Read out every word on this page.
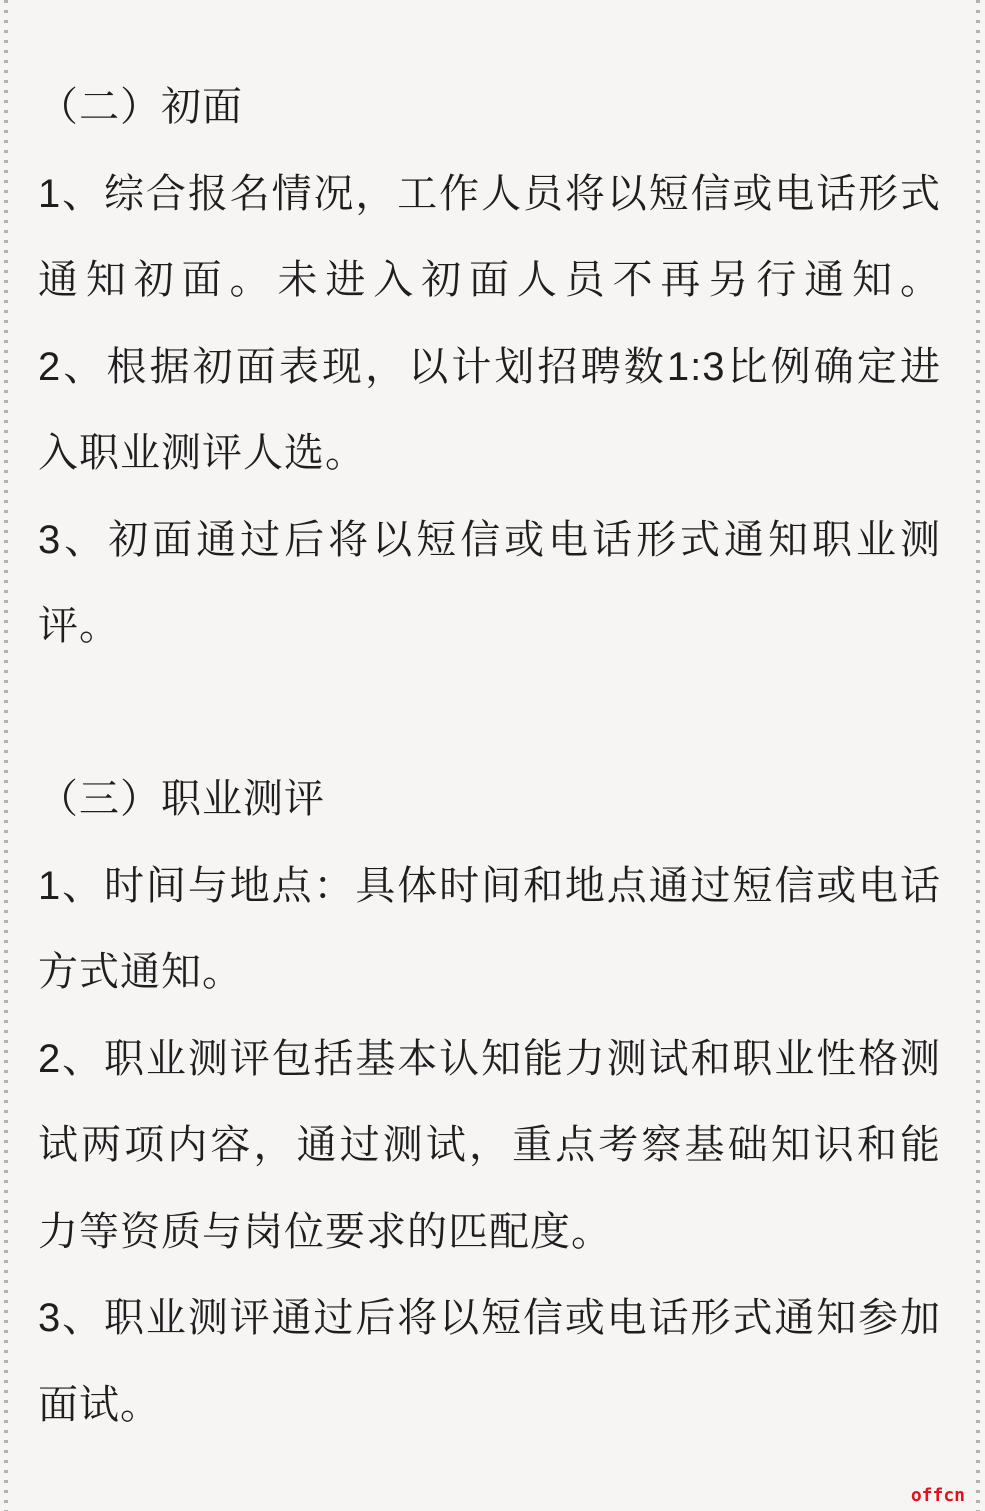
（二）初面
1、综合报名情况，工作人员将以短信或电话形式
通知初面。未进入初面人员不再另行通知。
2、根据初面表现，以计划招聘数1:3比例确定进
入职业测评人选。
3、初面通过后将以短信或电话形式通知职业测
评。
（三）职业测评
1、时间与地点：具体时间和地点通过短信或电话
方式通知。
2、职业测评包括基本认知能力测试和职业性格测
试两项内容，通过测试，重点考察基础知识和能
力等资质与岗位要求的匹配度。
3、职业测评通过后将以短信或电话形式通知参加
面试。
offcn
